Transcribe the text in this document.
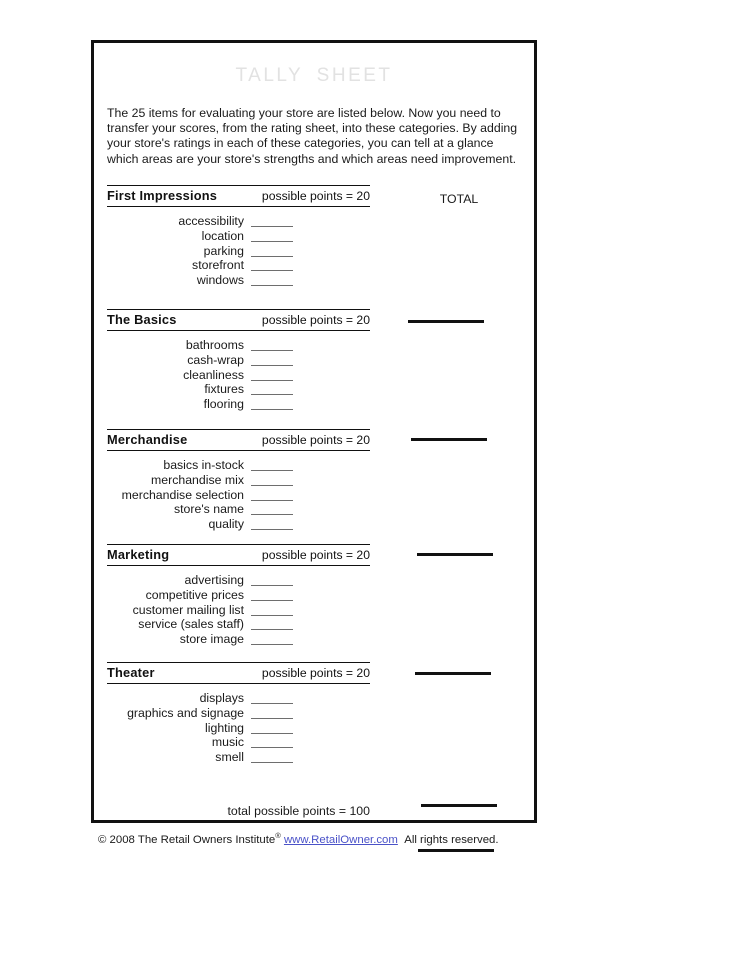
TALLY SHEET

The 25 items for evaluating your store are listed below. Now you need to transfer your scores, from the rating sheet, into these categories. By adding your store's ratings in each of these categories, you can tell at a glance which areas are your store's strengths and which areas need improvement.

TOTAL
First Impressions	possible points = 20
accessibility
location
parking
storefront
windows
The Basics	possible points = 20
bathrooms
cash-wrap
cleanliness
fixtures
flooring
Merchandise	possible points = 20
basics in-stock
merchandise mix
merchandise selection
store's name
quality
Marketing	possible points = 20
advertising
competitive prices
customer mailing list
service (sales staff)
store image
Theater	possible points = 20
displays
graphics and signage
lighting
music
smell
total possible points = 100
© 2008 The Retail Owners Institute® www.RetailOwner.com All rights reserved.
